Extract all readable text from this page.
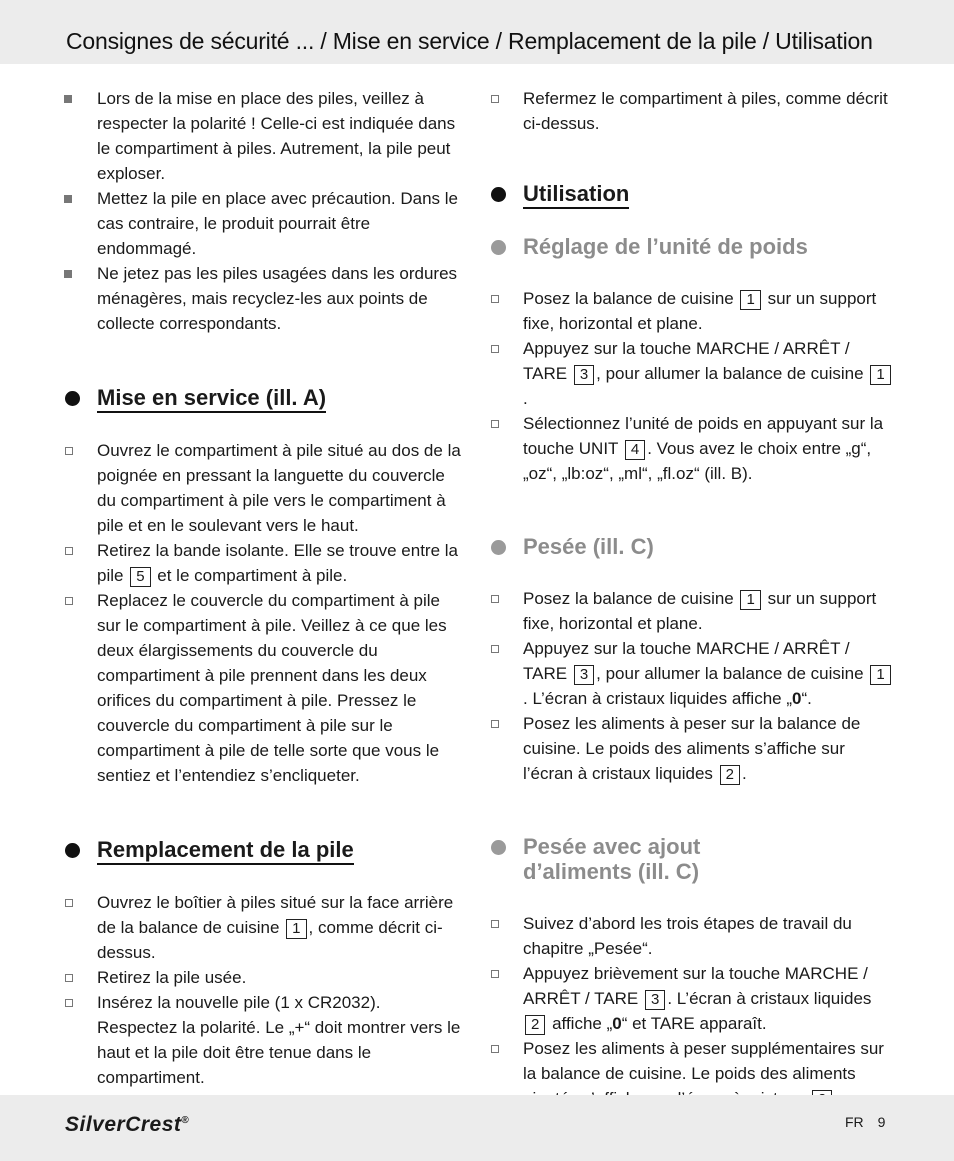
Consignes de sécurité ... / Mise en service / Remplacement de la pile / Utilisation
Lors de la mise en place des piles, veillez à respecter la polarité ! Celle-ci est indiquée dans le compartiment à piles. Autrement, la pile peut exploser.
Mettez la pile en place avec précaution. Dans le cas contraire, le produit pourrait être endommagé.
Ne jetez pas les piles usagées dans les ordures ménagères, mais recyclez-les aux points de collecte correspondants.
Mise en service (ill. A)
Ouvrez le compartiment à pile situé au dos de la poignée en pressant la languette du couvercle du compartiment à pile vers le compartiment à pile et en le soulevant vers le haut.
Retirez la bande isolante. Elle se trouve entre la pile 5 et le compartiment à pile.
Replacez le couvercle du compartiment à pile sur le compartiment à pile. Veillez à ce que les deux élargissements du couvercle du compartiment à pile prennent dans les deux orifices du compartiment à pile. Pressez le couvercle du compartiment à pile sur le compartiment à pile de telle sorte que vous le sentiez et l’entendiez s’encliqueter.
Remplacement de la pile
Ouvrez le boîtier à piles situé sur la face arrière de la balance de cuisine 1 , comme décrit ci-dessus.
Retirez la pile usée.
Insérez la nouvelle pile (1 x CR2032). Respectez la polarité. Le „+“ doit montrer vers le haut et la pile doit être tenue dans le compartiment.
Refermez le compartiment à piles, comme décrit ci-dessus.
Utilisation
Réglage de l’unité de poids
Posez la balance de cuisine 1 sur un support fixe, horizontal et plane.
Appuyez sur la touche MARCHE / ARRÊT / TARE 3 , pour allumer la balance de cuisine 1.
Sélectionnez l’unité de poids en appuyant sur la touche UNIT 4 . Vous avez le choix entre „g“, „oz“, „lb:oz“, „ml“, „fl.oz“ (ill. B).
Pesée (ill. C)
Posez la balance de cuisine 1 sur un support fixe, horizontal et plane.
Appuyez sur la touche MARCHE / ARRÊT / TARE 3 , pour allumer la balance de cuisine 1. L’écran à cristaux liquides affiche „0“.
Posez les aliments à peser sur la balance de cuisine. Le poids des aliments s’affiche sur l’écran à cristaux liquides 2 .
Pesée avec ajout
d’aliments (ill. C)
Suivez d’abord les trois étapes de travail du chapitre „Pesée“.
Appuyez brièvement sur la touche MARCHE / ARRÊT / TARE 3 . L’écran à cristaux liquides 2 affiche „0“ et TARE apparaît.
Posez les aliments à peser supplémentaires sur la balance de cuisine. Le poids des aliments
SilverCrest®	FR 9
